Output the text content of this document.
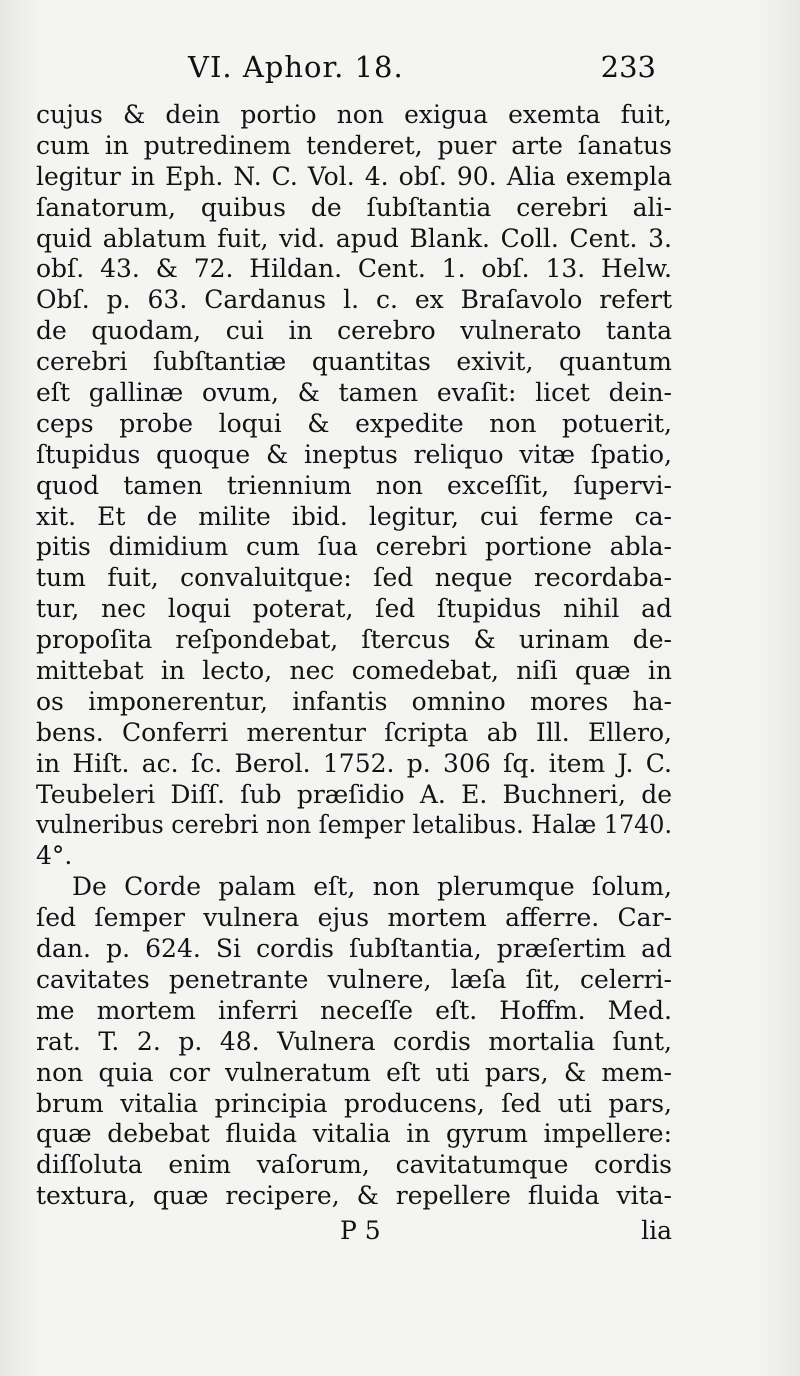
VI. Aphor. 18.	233
cujus & dein portio non exigua exemta fuit,
cum in putredinem tenderet, puer arte ſanatus
legitur in Eph. N. C. Vol. 4. obſ. 90. Alia exempla
ſanatorum, quibus de ſubſtantia cerebri ali-
quid ablatum fuit, vid. apud Blank. Coll. Cent. 3.
obſ. 43. & 72. Hildan. Cent. 1. obſ. 13. Helw.
Obſ. p. 63. Cardanus l. c. ex Braſavolo refert
de quodam, cui in cerebro vulnerato tanta
cerebri ſubſtantiæ quantitas exivit, quantum
eſt gallinæ ovum, & tamen evaſit: licet dein-
ceps probe loqui & expedite non potuerit,
ſtupidus quoque & ineptus reliquo vitæ ſpatio,
quod tamen triennium non exceſſit, ſupervi-
xit. Et de milite ibid. legitur, cui ferme ca-
pitis dimidium cum ſua cerebri portione abla-
tum fuit, convaluitque: ſed neque recordaba-
tur, nec loqui poterat, ſed ſtupidus nihil ad
propoſita reſpondebat, ſtercus & urinam de-
mittebat in lecto, nec comedebat, niſi quæ in
os imponerentur, infantis omnino mores ha-
bens. Conferri merentur ſcripta ab Ill. Ellero,
in Hiſt. ac. ſc. Berol. 1752. p. 306 ſq. item J. C.
Teubeleri Diſſ. ſub præſidio A. E. Buchneri, de
vulneribus cerebri non ſemper letalibus. Halæ 1740.
4°.
De Corde palam eſt, non plerumque ſolum,
ſed ſemper vulnera ejus mortem afferre. Car-
dan. p. 624. Si cordis ſubſtantia, præſertim ad
cavitates penetrante vulnere, læſa ſit, celerri-
me mortem inferri neceſſe eſt. Hoffm. Med.
rat. T. 2. p. 48. Vulnera cordis mortalia ſunt,
non quia cor vulneratum eſt uti pars, & mem-
brum vitalia principia producens, ſed uti pars,
quæ debebat fluida vitalia in gyrum impellere:
diſſoluta enim vaſorum, cavitatumque cordis
textura, quæ recipere, & repellere fluida vita-
P 5	lia
